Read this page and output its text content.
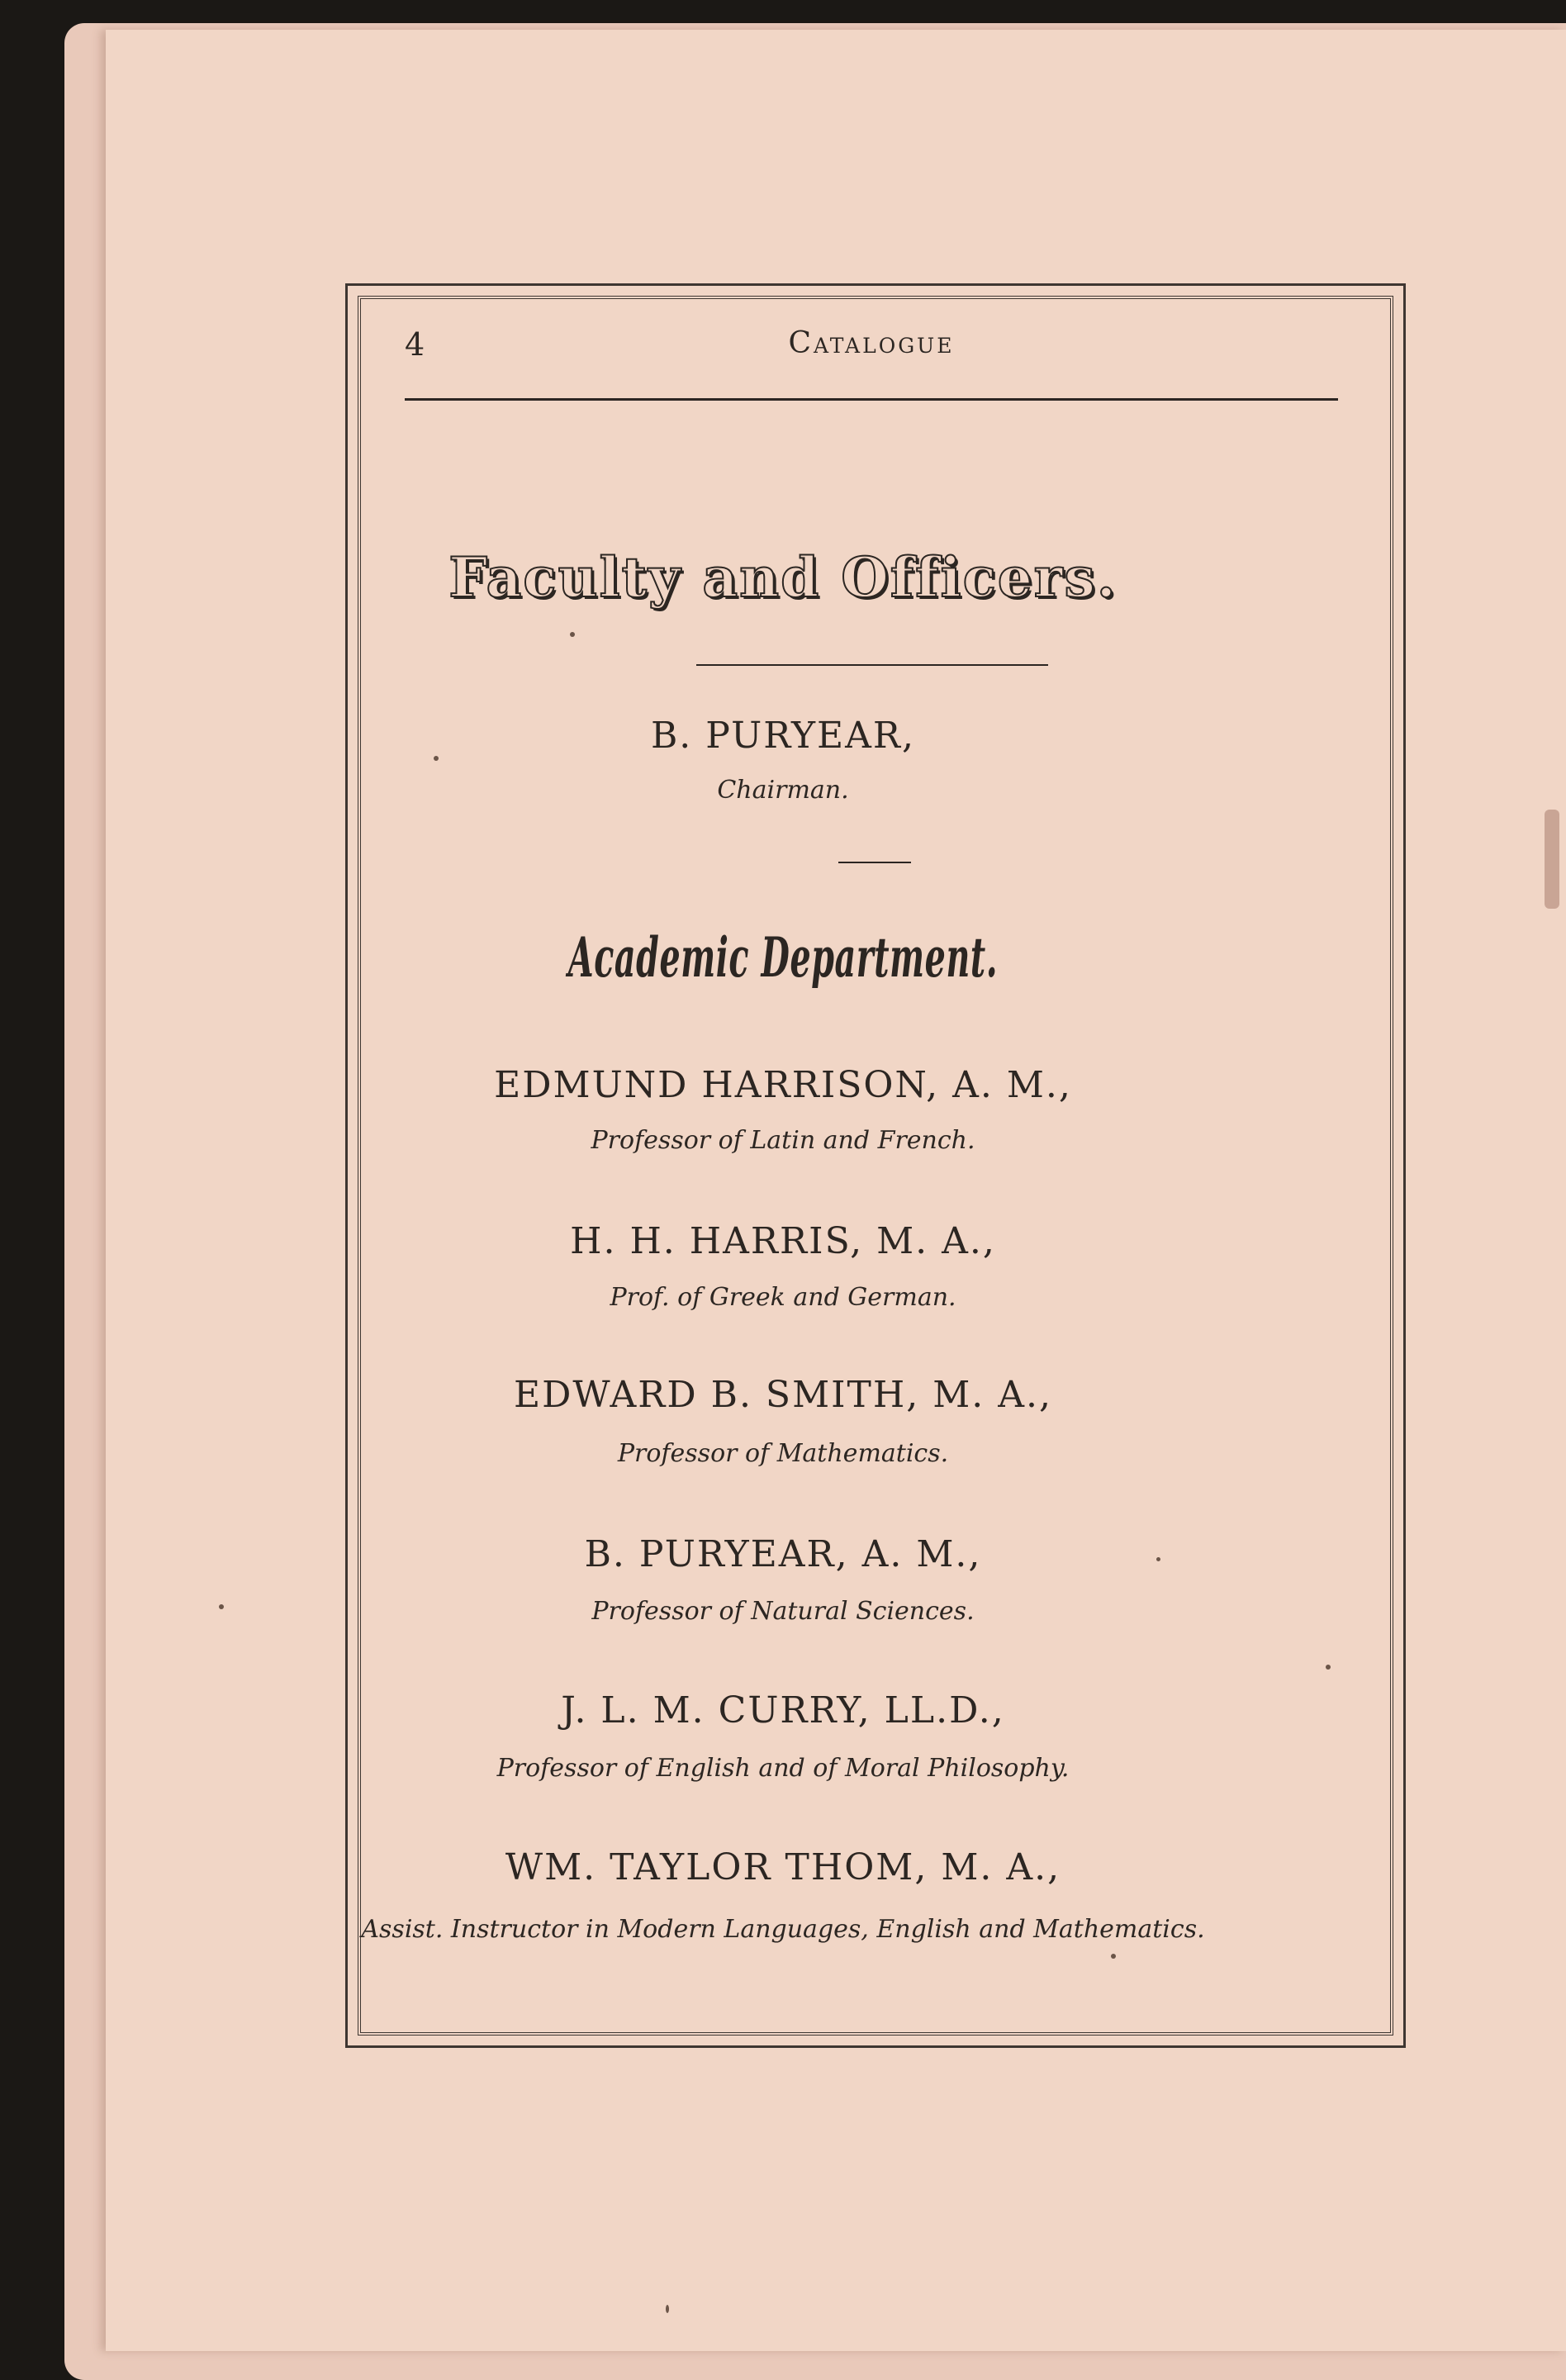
4	Catalogue
Faculty and Officers.
B. PURYEAR,
Chairman.
Academic Department.
EDMUND HARRISON, A. M.,
Professor of Latin and French.
H. H. HARRIS, M. A.,
Prof. of Greek and German.
EDWARD B. SMITH, M. A.,
Professor of Mathematics.
B. PURYEAR, A. M.,
Professor of Natural Sciences.
J. L. M. CURRY, LL.D.,
Professor of English and of Moral Philosophy.
WM. TAYLOR THOM, M. A.,
Assist. Instructor in Modern Languages, English and Mathematics.
